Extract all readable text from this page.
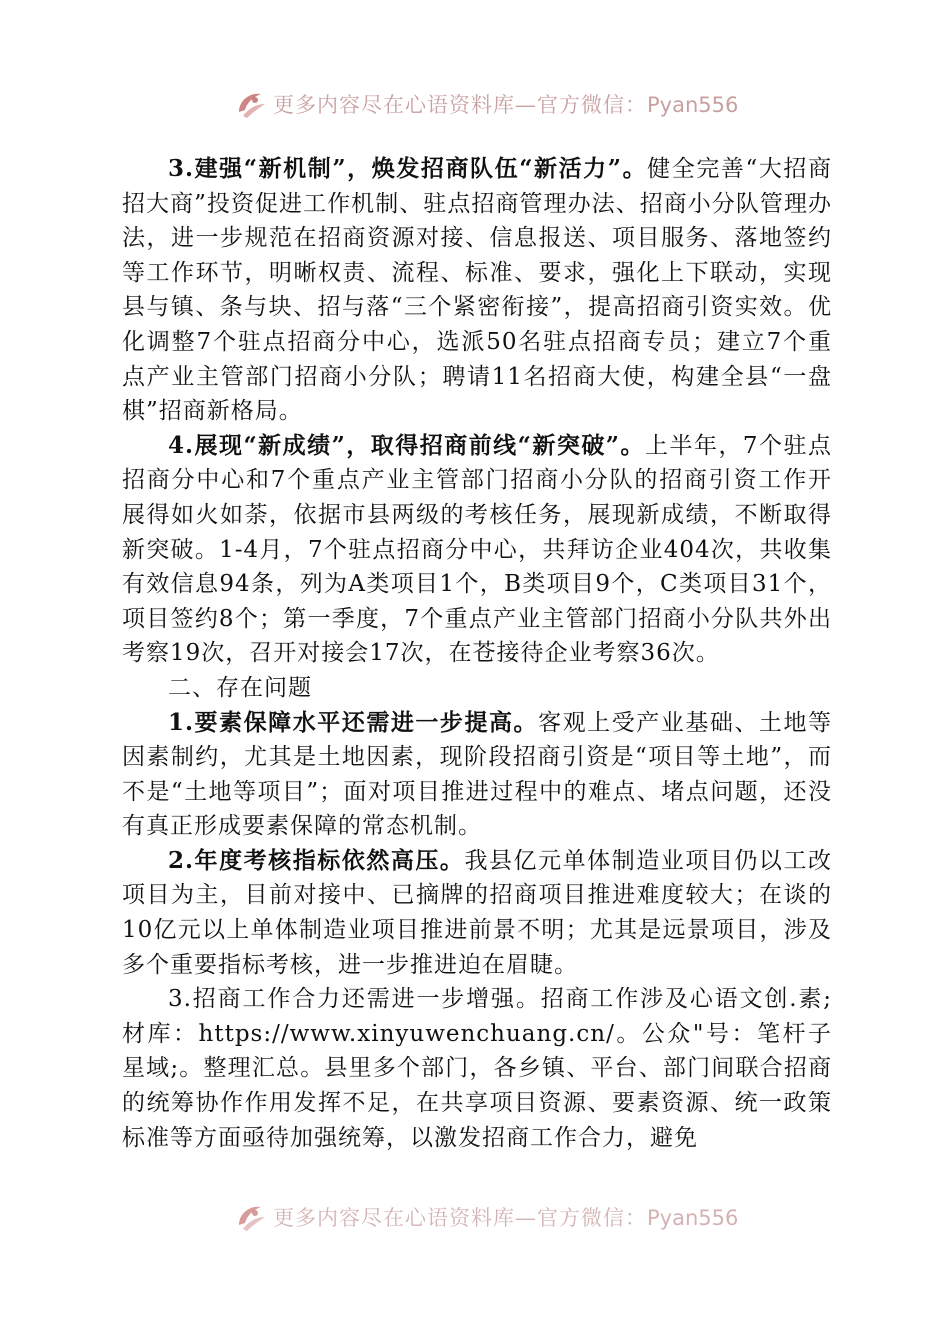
更多内容尽在心语资料库—官方微信：Pyan556

3.建强“新机制”，焕发招商队伍“新活力”。健全完善“大招商招大商”投资促进工作机制、驻点招商管理办法、招商小分队管理办法，进一步规范在招商资源对接、信息报送、项目服务、落地签约等工作环节，明晰权责、流程、标准、要求，强化上下联动，实现县与镇、条与块、招与落“三个紧密衔接”，提高招商引资实效。优化调整7个驻点招商分中心，选派50名驻点招商专员；建立7个重点产业主管部门招商小分队；聘请11名招商大使，构建全县“一盘棋”招商新格局。

4.展现“新成绩”，取得招商前线“新突破”。上半年，7个驻点招商分中心和7个重点产业主管部门招商小分队的招商引资工作开展得如火如荼，依据市县两级的考核任务，展现新成绩，不断取得新突破。1-4月，7个驻点招商分中心，共拜访企业404次，共收集有效信息94条，列为A类项目1个，B类项目9个，C类项目31个，项目签约8个；第一季度，7个重点产业主管部门招商小分队共外出考察19次，召开对接会17次，在苍接待企业考察36次。

二、存在问题

1.要素保障水平还需进一步提高。客观上受产业基础、土地等因素制约，尤其是土地因素，现阶段招商引资是“项目等土地”，而不是“土地等项目”；面对项目推进过程中的难点、堵点问题，还没有真正形成要素保障的常态机制。

2.年度考核指标依然高压。我县亿元单体制造业项目仍以工改项目为主，目前对接中、已摘牌的招商项目推进难度较大；在谈的10亿元以上单体制造业项目推进前景不明；尤其是远景项目，涉及多个重要指标考核，进一步推进迫在眉睫。

3.招商工作合力还需进一步增强。招商工作涉及心语文创.素;材库：https://www.xinyuwenchuang.cn/。公众"号：笔杆子星域;。整理汇总。县里多个部门，各乡镇、平台、部门间联合招商的统筹协作作用发挥不足，在共享项目资源、要素资源、统一政策标准等方面亟待加强统筹，以激发招商工作合力，避免

更多内容尽在心语资料库—官方微信：Pyan556
